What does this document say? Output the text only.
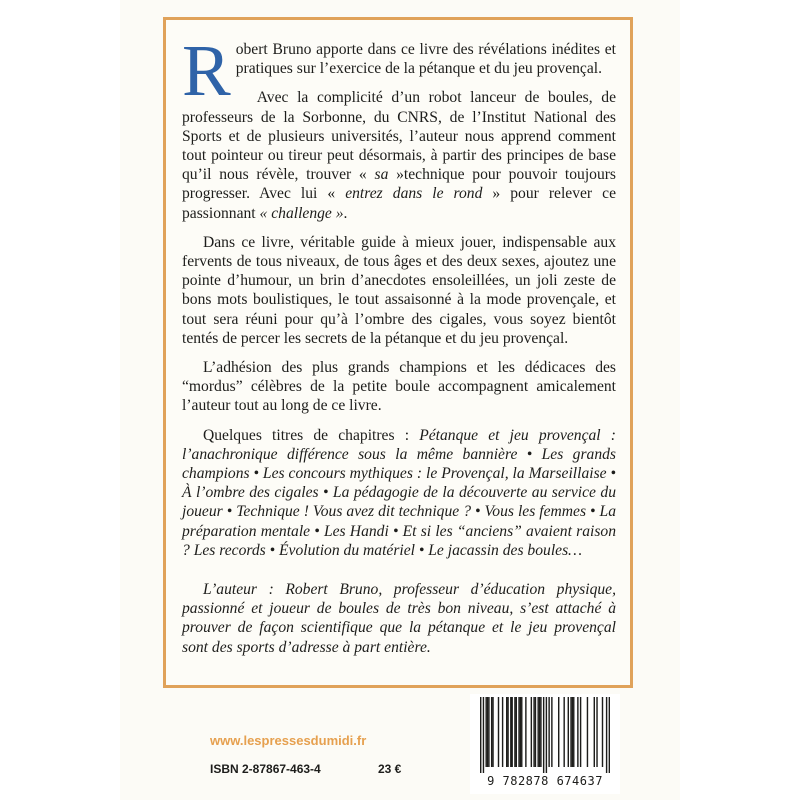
Robert Bruno apporte dans ce livre des révélations inédites et pratiques sur l’exercice de la pétanque et du jeu provençal.

Avec la complicité d’un robot lanceur de boules, de professeurs de la Sorbonne, du CNRS, de l’Institut National des Sports et de plusieurs universités, l’auteur nous apprend comment tout pointeur ou tireur peut désormais, à partir des principes de base qu’il nous révèle, trouver « sa »technique pour pouvoir toujours progresser. Avec lui « entrez dans le rond » pour relever ce passionnant « challenge ».

Dans ce livre, véritable guide à mieux jouer, indispensable aux fervents de tous niveaux, de tous âges et des deux sexes, ajoutez une pointe d’humour, un brin d’anecdotes ensoleillées, un joli zeste de bons mots boulistiques, le tout assaisonné à la mode provençale, et tout sera réuni pour qu’à l’ombre des cigales, vous soyez bientôt tentés de percer les secrets de la pétanque et du jeu provençal.

L’adhésion des plus grands champions et les dédicaces des “mordus” célèbres de la petite boule accompagnent amicalement l’auteur tout au long de ce livre.

Quelques titres de chapitres : Pétanque et jeu provençal : l’anachronique différence sous la même bannière • Les grands champions • Les concours mythiques : le Provençal, la Marseillaise • À l’ombre des cigales • La pédagogie de la découverte au service du joueur • Technique ! Vous avez dit technique ? • Vous les femmes • La préparation mentale • Les Handi • Et si les “anciens” avaient raison ? Les records • Évolution du matériel • Le jacassin des boules…

L’auteur : Robert Bruno, professeur d’éducation physique, passionné et joueur de boules de très bon niveau, s’est attaché à prouver de façon scientifique que la pétanque et le jeu provençal sont des sports d’adresse à part entière.

www.lespressesdumidi.fr
ISBN 2-87867-463-4	23 €
9 782878 674637
